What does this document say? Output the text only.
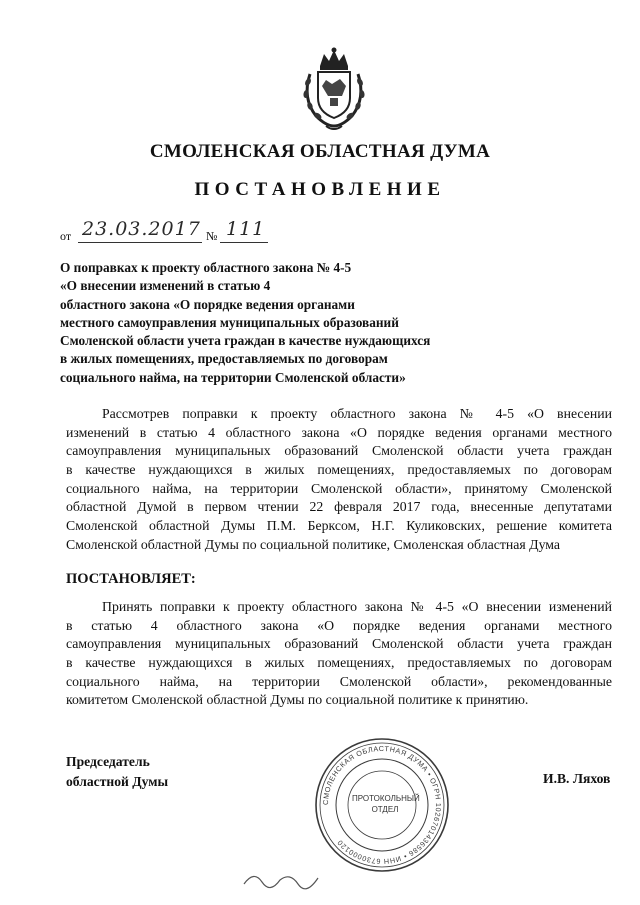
СМОЛЕНСКАЯ ОБЛАСТНАЯ ДУМА
ПОСТАНОВЛЕНИЕ
от 23.03.2017 № 111
О поправках к проекту областного закона № 4-5
«О внесении изменений в статью 4
областного закона «О порядке ведения органами
местного самоуправления муниципальных образований
Смоленской области учета граждан в качестве нуждающихся
в жилых помещениях, предоставляемых по договорам
социального найма, на территории Смоленской области»
Рассмотрев поправки к проекту областного закона № 4-5 «О внесении
изменений в статью 4 областного закона «О порядке ведения органами местного
самоуправления муниципальных образований Смоленской области учета граждан
в качестве нуждающихся в жилых помещениях, предоставляемых по договорам
социального найма, на территории Смоленской области», принятому Смоленской
областной Думой в первом чтении 22 февраля 2017 года, внесенные депутатами
Смоленской областной Думы П.М. Берксом, Н.Г. Куликовских, решение комитета
Смоленской областной Думы по социальной политике, Смоленская областная Дума
ПОСТАНОВЛЯЕТ:
Принять поправки к проекту областного закона № 4-5 «О внесении изменений
в статью 4 областного закона «О порядке ведения органами местного
самоуправления муниципальных образований Смоленской области учета граждан
в качестве нуждающихся в жилых помещениях, предоставляемых по договорам
социального найма, на территории Смоленской области», рекомендованные
комитетом Смоленской областной Думы по социальной политике к принятию.
Председатель
областной Думы	И.В. Ляхов
СМОЛЕНСКАЯ ОБЛАСТНАЯ ДУМА • ОГРН 1026701436586 • ИНН 6730000120
ПРОТОКОЛЬНЫЙ
ОТДЕЛ
